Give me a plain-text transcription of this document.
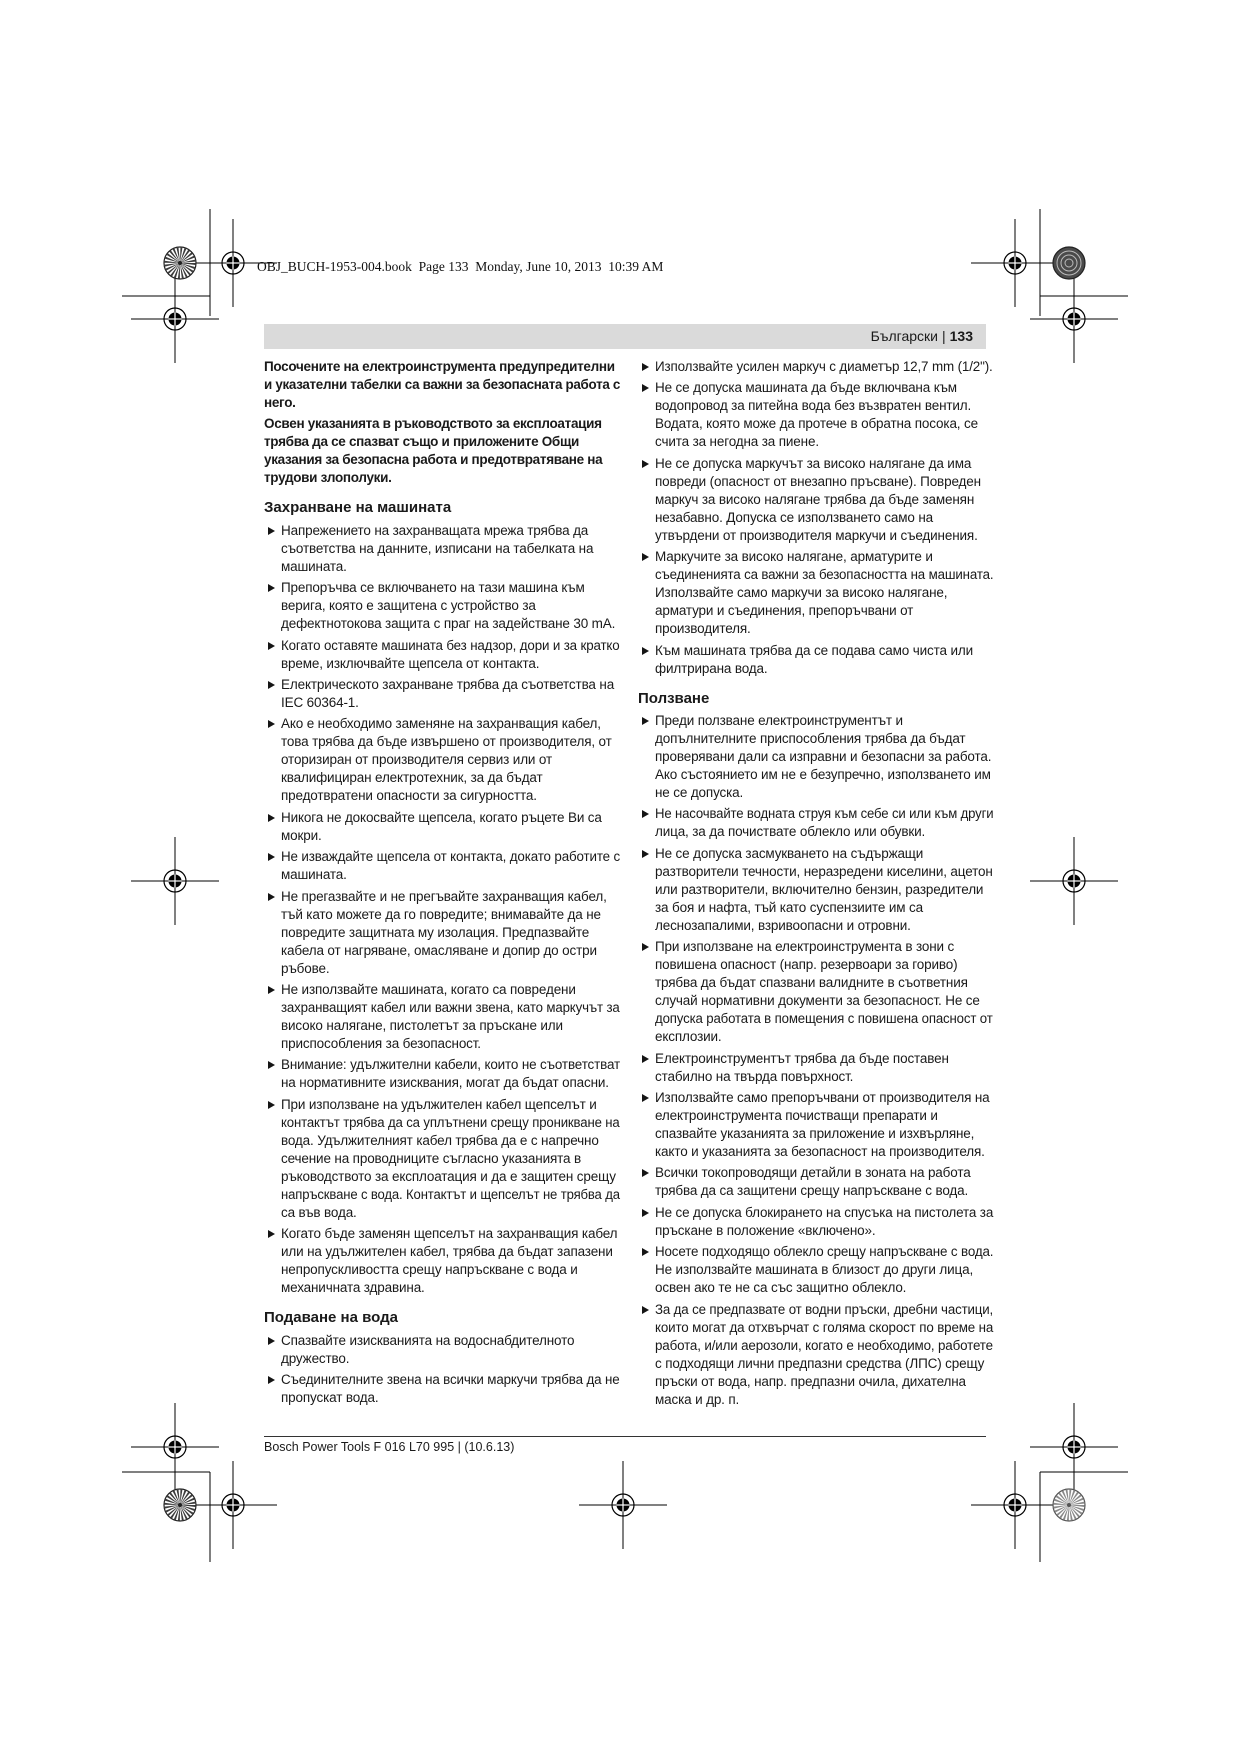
OBJ_BUCH-1953-004.book  Page 133  Monday, June 10, 2013  10:39 AM
Български | 133
Посочените на електроинструмента предупредителни
и указателни табелки са важни за безопасната работа с
него.
Освен указанията в ръководството за експлоатация
трябва да се спазват също и приложените Общи
указания за безопасна работа и предотвратяване на
трудови злополуки.
Захранване на машината
Напрежението на захранващата мрежа трябва да
съответства на данните, изписани на табелката на
машината.
Препоръчва се включването на тази машина към
верига, която е защитена с устройство за
дефектнотокова защита с праг на задействане 30 mA.
Когато оставяте машината без надзор, дори и за кратко
време, изключвайте щепсела от контакта.
Електрическото захранване трябва да съответства на
IEC 60364-1.
Ако е необходимо заменяне на захранващия кабел,
това трябва да бъде извършено от производителя, от
оторизиран от производителя сервиз или от
квалифициран електротехник, за да бъдат
предотвратени опасности за сигурността.
Никога не докосвайте щепсела, когато ръцете Ви са
мокри.
Не изваждайте щепсела от контакта, докато работите с
машината.
Не прегазвайте и не прегъвайте захранващия кабел,
тъй като можете да го повредите; внимавайте да не
повредите защитната му изолация. Предпазвайте
кабела от нагряване, омасляване и допир до остри
ръбове.
Не използвайте машината, когато са повредени
захранващият кабел или важни звена, като маркучът за
високо налягане, пистолетът за пръскане или
приспособления за безопасност.
Внимание: удължителни кабели, които не съответстват
на нормативните изисквания, могат да бъдат опасни.
При използване на удължителен кабел щепселът и
контактът трябва да са уплътнени срещу проникване на
вода. Удължителният кабел трябва да е с напречно
сечение на проводниците съгласно указанията в
ръководството за експлоатация и да е защитен срещу
напръскване с вода. Контактът и щепселът не трябва да
са във вода.
Когато бъде заменян щепселът на захранващия кабел
или на удължителен кабел, трябва да бъдат запазени
непропускливостта срещу напръскване с вода и
механичната здравина.
Подаване на вода
Спазвайте изискванията на водоснабдителното
дружество.
Съединителните звена на всички маркучи трябва да не
пропускат вода.
Използвайте усилен маркуч с диаметър 12,7 mm (1/2").
Не се допуска машината да бъде включвана към
водопровод за питейна вода без възвратен вентил.
Водата, която може да протече в обратна посока, се
счита за негодна за пиене.
Не се допуска маркучът за високо налягане да има
повреди (опасност от внезапно пръсване). Повреден
маркуч за високо налягане трябва да бъде заменян
незабавно. Допуска се използването само на
утвърдени от производителя маркучи и съединения.
Маркучите за високо налягане, арматурите и
съединенията са важни за безопасността на машината.
Използвайте само маркучи за високо налягане,
арматури и съединения, препоръчвани от
производителя.
Към машината трябва да се подава само чиста или
филтрирана вода.
Ползване
Преди ползване електроинструментът и
допълнителните приспособления трябва да бъдат
проверявани дали са изправни и безопасни за работа.
Ако състоянието им не е безупречно, използването им
не се допуска.
Не насочвайте водната струя към себе си или към други
лица, за да почиствате облекло или обувки.
Не се допуска засмукването на съдържащи
разтворители течности, неразредени киселини, ацетон
или разтворители, включително бензин, разредители
за боя и нафта, тъй като суспензиите им са
леснозапалими, взривоопасни и отровни.
При използване на електроинструмента в зони с
повишена опасност (напр. резервоари за гориво)
трябва да бъдат спазвани валидните в съответния
случай нормативни документи за безопасност. Не се
допуска работата в помещения с повишена опасност от
експлозии.
Електроинструментът трябва да бъде поставен
стабилно на твърда повърхност.
Използвайте само препоръчвани от производителя на
електроинструмента почистващи препарати и
спазвайте указанията за приложение и изхвърляне,
както и указанията за безопасност на производителя.
Всички токопроводящи детайли в зоната на работа
трябва да са защитени срещу напръскване с вода.
Не се допуска блокирането на спусъка на пистолета за
пръскане в положение «включено».
Носете подходящо облекло срещу напръскване с вода.
Не използвайте машината в близост до други лица,
освен ако те не са със защитно облекло.
За да се предпазвате от водни пръски, дребни частици,
които могат да отхвърчат с голяма скорост по време на
работа, и/или аерозоли, когато е необходимо, работете
с подходящи лични предпазни средства (ЛПС) срещу
пръски от вода, напр. предпазни очила, дихателна
маска и др. п.
Bosch Power Tools F 016 L70 995 | (10.6.13)
